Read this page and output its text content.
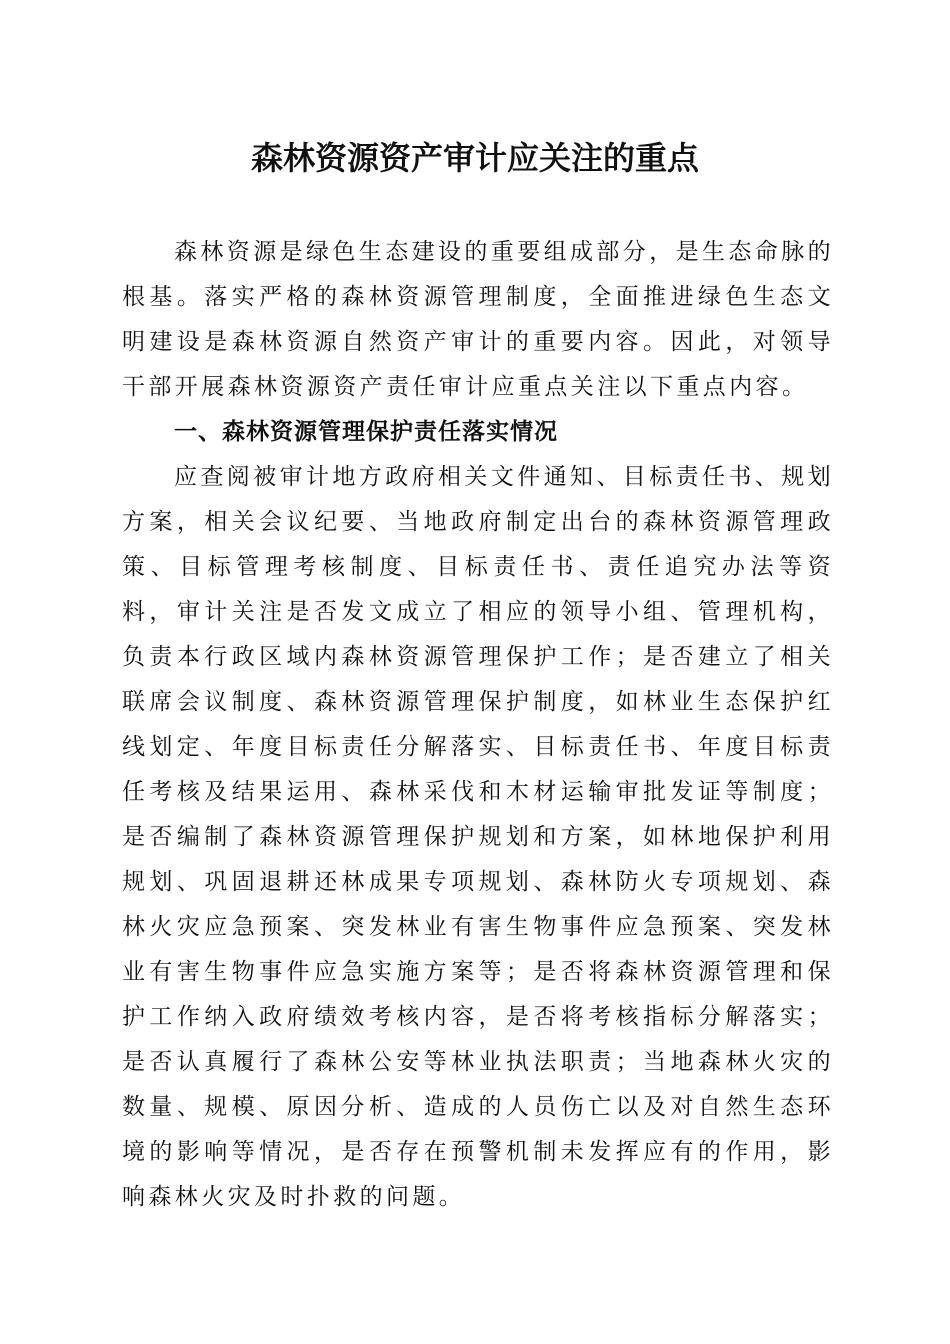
森林资源资产审计应关注的重点

森林资源是绿色生态建设的重要组成部分，是生态命脉的根基。落实严格的森林资源管理制度，全面推进绿色生态文明建设是森林资源自然资产审计的重要内容。因此，对领导干部开展森林资源资产责任审计应重点关注以下重点内容。

一、森林资源管理保护责任落实情况

应查阅被审计地方政府相关文件通知、目标责任书、规划方案，相关会议纪要、当地政府制定出台的森林资源管理政策、目标管理考核制度、目标责任书、责任追究办法等资料，审计关注是否发文成立了相应的领导小组、管理机构，负责本行政区域内森林资源管理保护工作；是否建立了相关联席会议制度、森林资源管理保护制度，如林业生态保护红线划定、年度目标责任分解落实、目标责任书、年度目标责任考核及结果运用、森林采伐和木材运输审批发证等制度；是否编制了森林资源管理保护规划和方案，如林地保护利用规划、巩固退耕还林成果专项规划、森林防火专项规划、森林火灾应急预案、突发林业有害生物事件应急预案、突发林业有害生物事件应急实施方案等；是否将森林资源管理和保护工作纳入政府绩效考核内容，是否将考核指标分解落实；是否认真履行了森林公安等林业执法职责；当地森林火灾的数量、规模、原因分析、造成的人员伤亡以及对自然生态环境的影响等情况，是否存在预警机制未发挥应有的作用，影响森林火灾及时扑救的问题。
